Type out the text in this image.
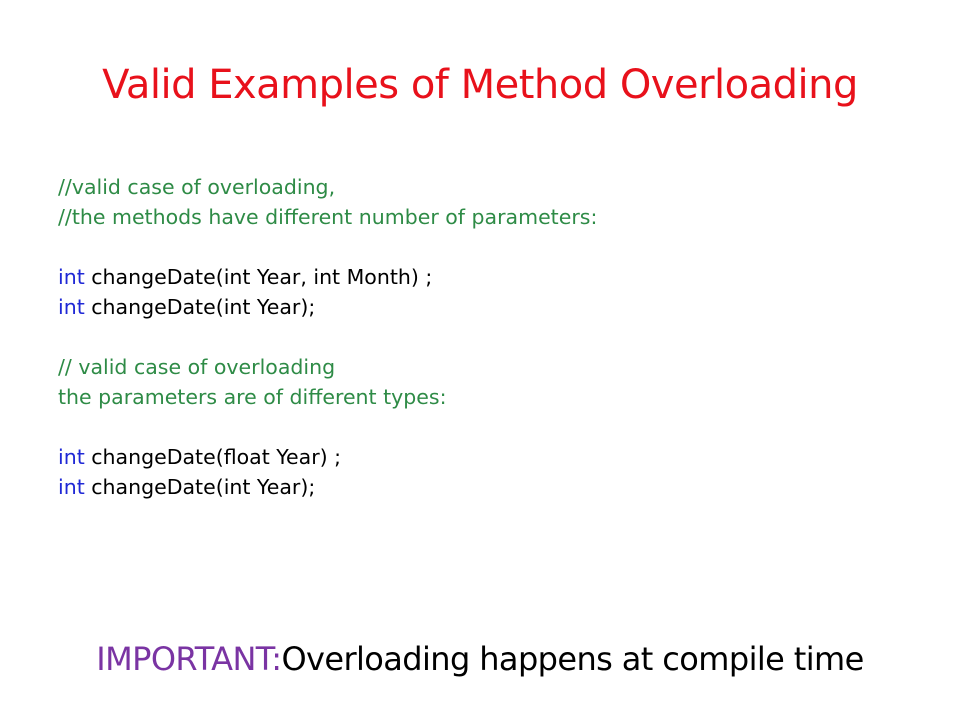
Valid Examples of Method Overloading
//valid case of overloading,
//the methods have different number of parameters:
int changeDate(int Year, int Month) ;
int changeDate(int Year);
// valid case of overloading
the parameters are of different types:
int changeDate(float Year) ;
int changeDate(int Year);
IMPORTANT:Overloading happens at compile time
